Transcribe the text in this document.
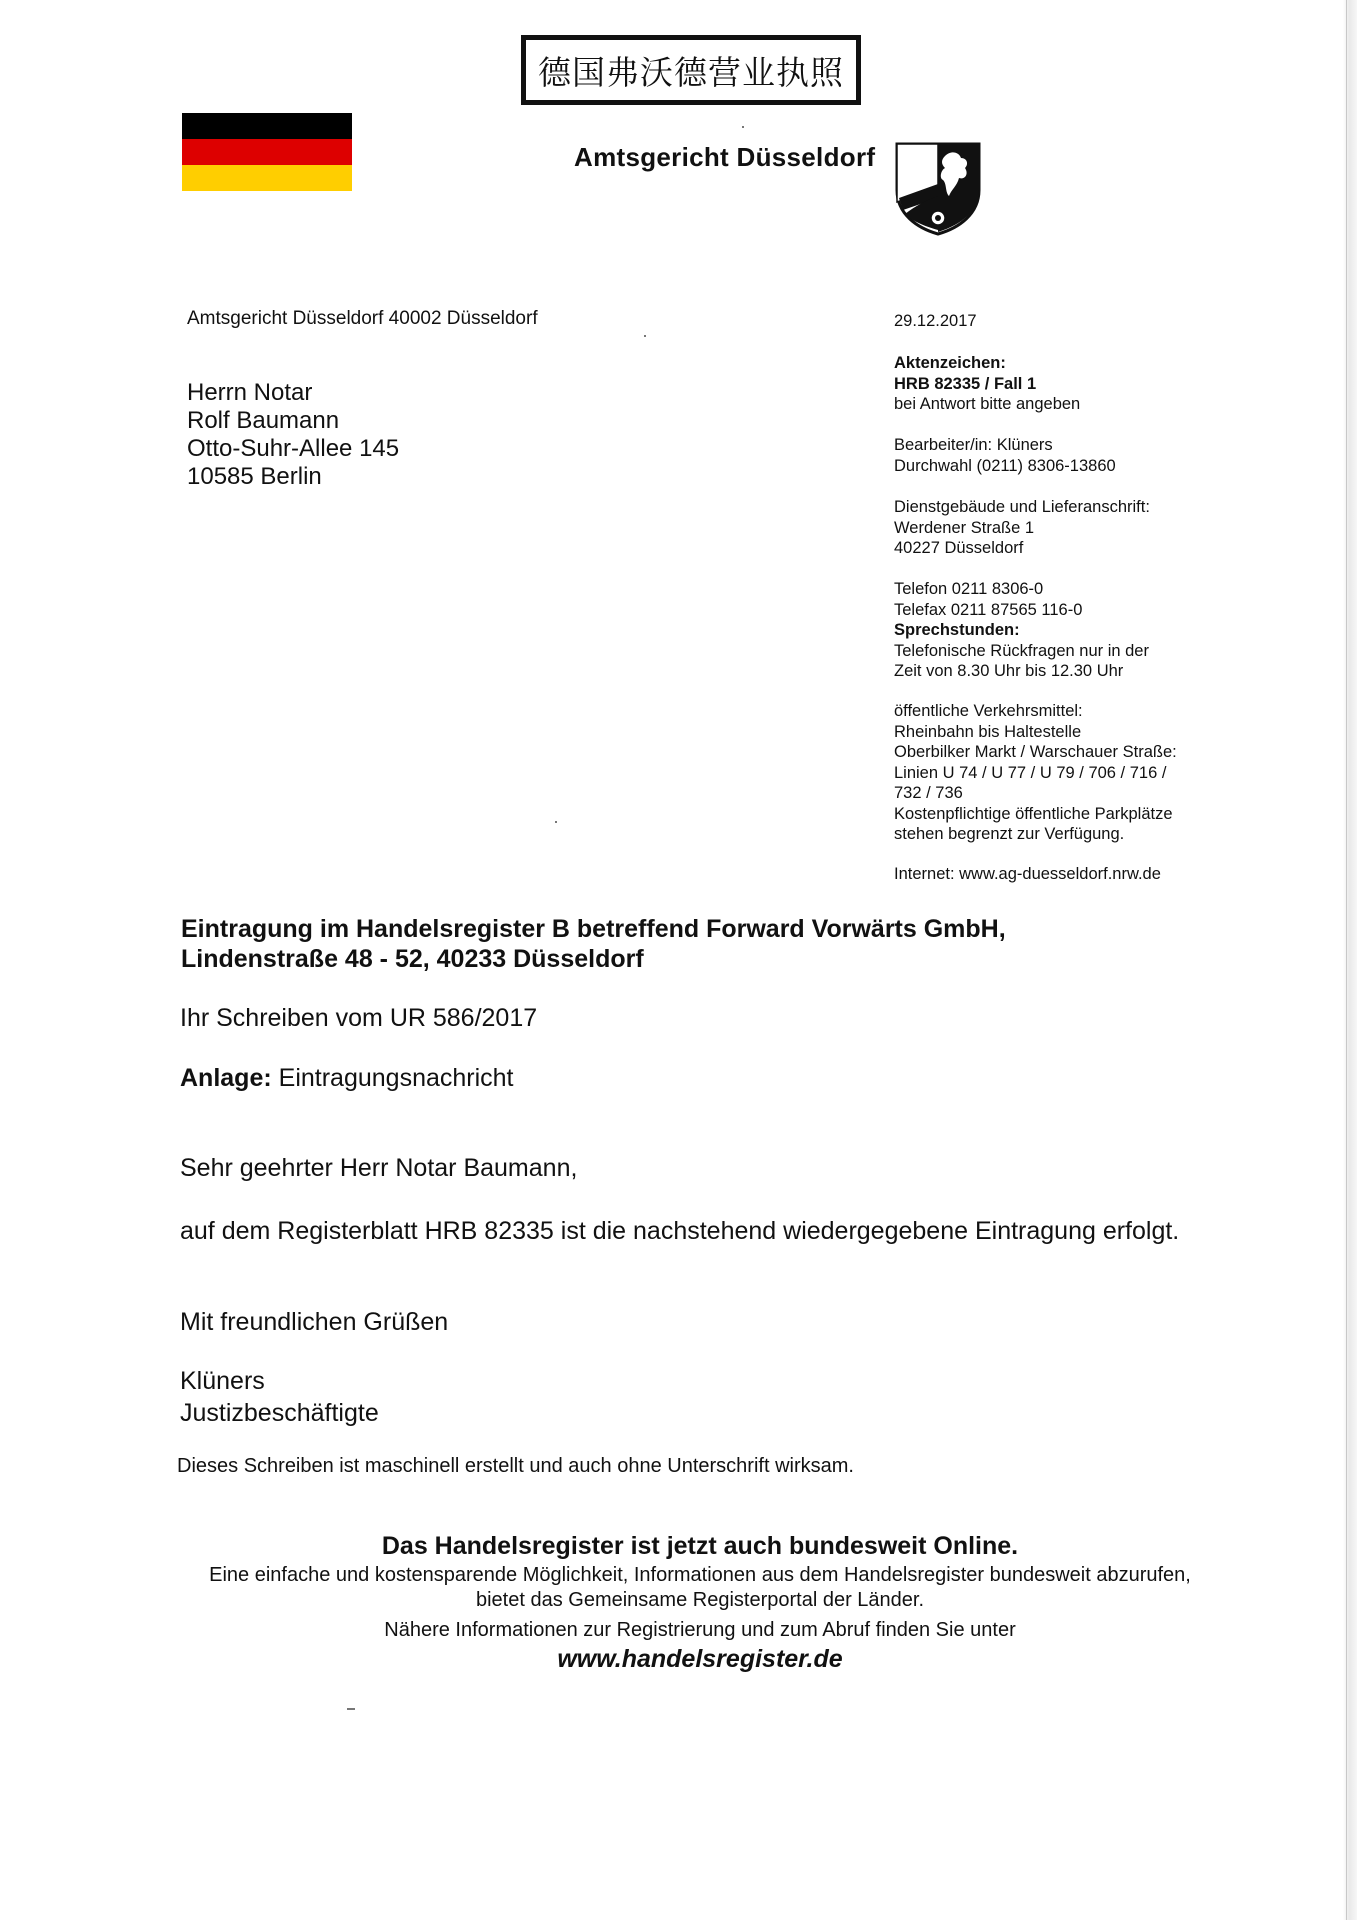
德国弗沃德营业执照
Amtsgericht Düsseldorf
Amtsgericht Düsseldorf 40002 Düsseldorf
Herrn Notar
Rolf Baumann
Otto-Suhr-Allee 145
10585 Berlin
29.12.2017
Aktenzeichen:
HRB 82335 / Fall 1
bei Antwort bitte angeben
Bearbeiter/in: Klüners
Durchwahl (0211) 8306-13860
Dienstgebäude und Lieferanschrift:
Werdener Straße 1
40227 Düsseldorf
Telefon 0211 8306-0
Telefax 0211 87565 116-0
Sprechstunden:
Telefonische Rückfragen nur in der
Zeit von 8.30 Uhr bis 12.30 Uhr
öffentliche Verkehrsmittel:
Rheinbahn bis Haltestelle
Oberbilker Markt / Warschauer Straße:
Linien U 74 / U 77 / U 79 / 706 / 716 /
732 / 736
Kostenpflichtige öffentliche Parkplätze
stehen begrenzt zur Verfügung.
Internet: www.ag-duesseldorf.nrw.de
Eintragung im Handelsregister B betreffend Forward Vorwärts GmbH,
Lindenstraße 48 - 52, 40233 Düsseldorf
Ihr Schreiben vom UR 586/2017
Anlage: Eintragungsnachricht
Sehr geehrter Herr Notar Baumann,
auf dem Registerblatt HRB 82335 ist die nachstehend wiedergegebene Eintragung erfolgt.
Mit freundlichen Grüßen
Klüners
Justizbeschäftigte
Dieses Schreiben ist maschinell erstellt und auch ohne Unterschrift wirksam.
Das Handelsregister ist jetzt auch bundesweit Online.
Eine einfache und kostensparende Möglichkeit, Informationen aus dem Handelsregister bundesweit abzurufen,
bietet das Gemeinsame Registerportal der Länder.
Nähere Informationen zur Registrierung und zum Abruf finden Sie unter
www.handelsregister.de
